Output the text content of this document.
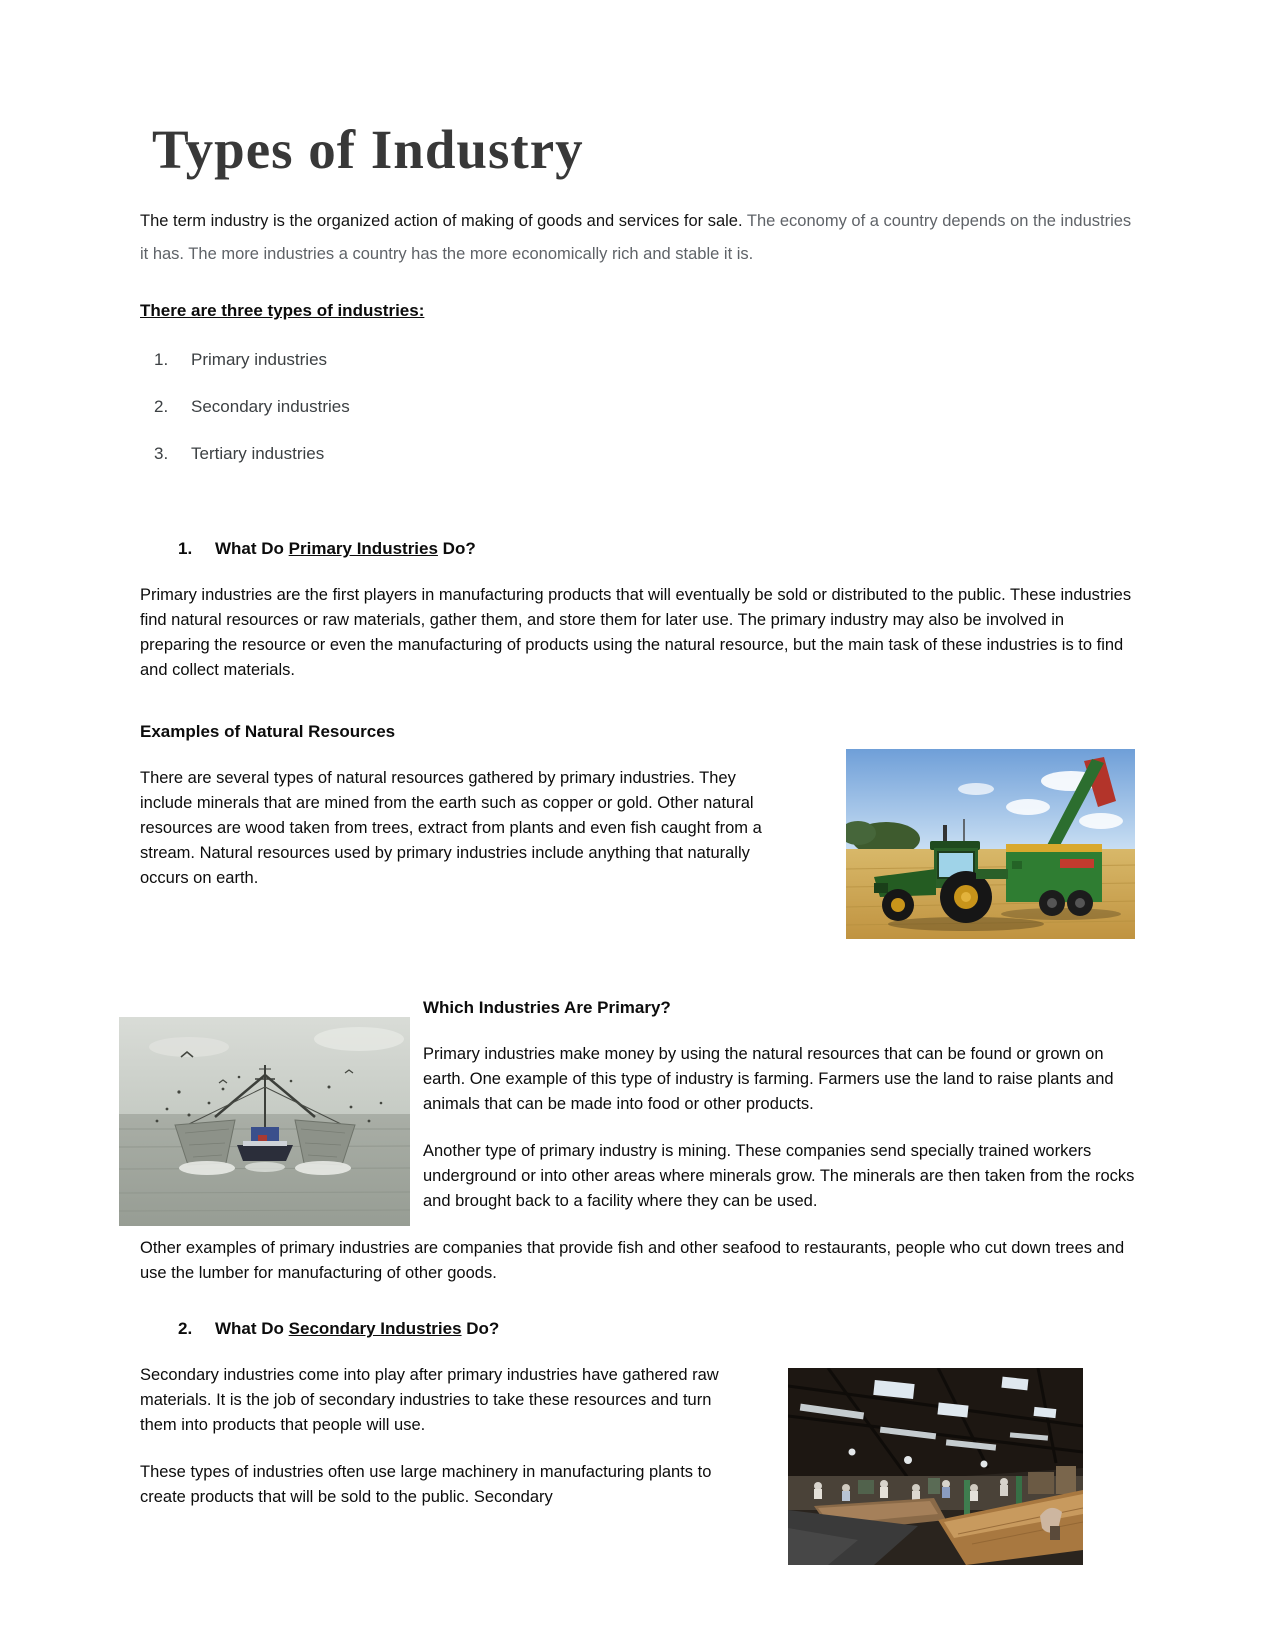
Types of Industry

The term industry is the organized action of making of goods and services for sale. The economy of a country depends on the industries it has. The more industries a country has the more economically rich and stable it is.

There are three types of industries:
1.	Primary industries
2.	Secondary industries
3.	Tertiary industries
1. What Do Primary Industries Do?

Primary industries are the first players in manufacturing products that will eventually be sold or distributed to the public. These industries find natural resources or raw materials, gather them, and store them for later use. The primary industry may also be involved in preparing the resource or even the manufacturing of products using the natural resource, but the main task of these industries is to find and collect materials.

Examples of Natural Resources

There are several types of natural resources gathered by primary industries. They include minerals that are mined from the earth such as copper or gold. Other natural resources are wood taken from trees, extract from plants and even fish caught from a stream. Natural resources used by primary industries include anything that naturally occurs on earth.

Which Industries Are Primary?

Primary industries make money by using the natural resources that can be found or grown on earth. One example of this type of industry is farming. Farmers use the land to raise plants and animals that can be made into food or other products.

Another type of primary industry is mining. These companies send specially trained workers underground or into other areas where minerals grow. The minerals are then taken from the rocks and brought back to a facility where they can be used.

Other examples of primary industries are companies that provide fish and other seafood to restaurants, people who cut down trees and use the lumber for manufacturing of other goods.

2. What Do Secondary Industries Do?

Secondary industries come into play after primary industries have gathered raw materials. It is the job of secondary industries to take these resources and turn them into products that people will use.

These types of industries often use large machinery in manufacturing plants to create products that will be sold to the public. Secondary
